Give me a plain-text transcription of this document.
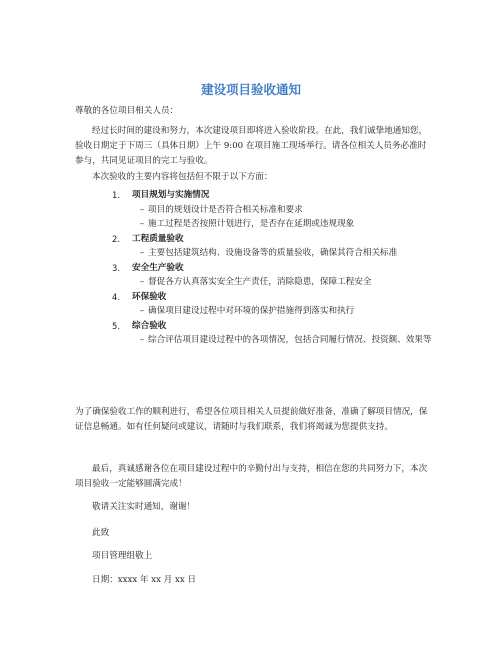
建设项目验收通知

尊敬的各位项目相关人员：

经过长时间的建设和努力，本次建设项目即将进入验收阶段。在此，我们诚挚地通知您，验收日期定于下周三（具体日期）上午 9:00 在项目施工现场举行。请各位相关人员务必准时参与，共同见证项目的完工与验收。

本次验收的主要内容将包括但不限于以下方面：

1. 项目规划与实施情况
– 项目的规划设计是否符合相关标准和要求
– 施工过程是否按照计划进行，是否存在延期或违规现象
2. 工程质量验收
– 主要包括建筑结构、设施设备等的质量验收，确保其符合相关标准
3. 安全生产验收
– 督促各方认真落实安全生产责任，消除隐患，保障工程安全
4. 环保验收
– 确保项目建设过程中对环境的保护措施得到落实和执行
5. 综合验收
– 综合评估项目建设过程中的各项情况，包括合同履行情况、投资额、效果等

为了确保验收工作的顺利进行，希望各位项目相关人员提前做好准备，准确了解项目情况，保证信息畅通。如有任何疑问或建议，请随时与我们联系，我们将竭诚为您提供支持。

最后，真诚感谢各位在项目建设过程中的辛勤付出与支持，相信在您的共同努力下，本次项目验收一定能够圆满完成！

敬请关注实时通知，谢谢！

此致

项目管理组敬上

日期：xxxx 年 xx 月 xx 日
